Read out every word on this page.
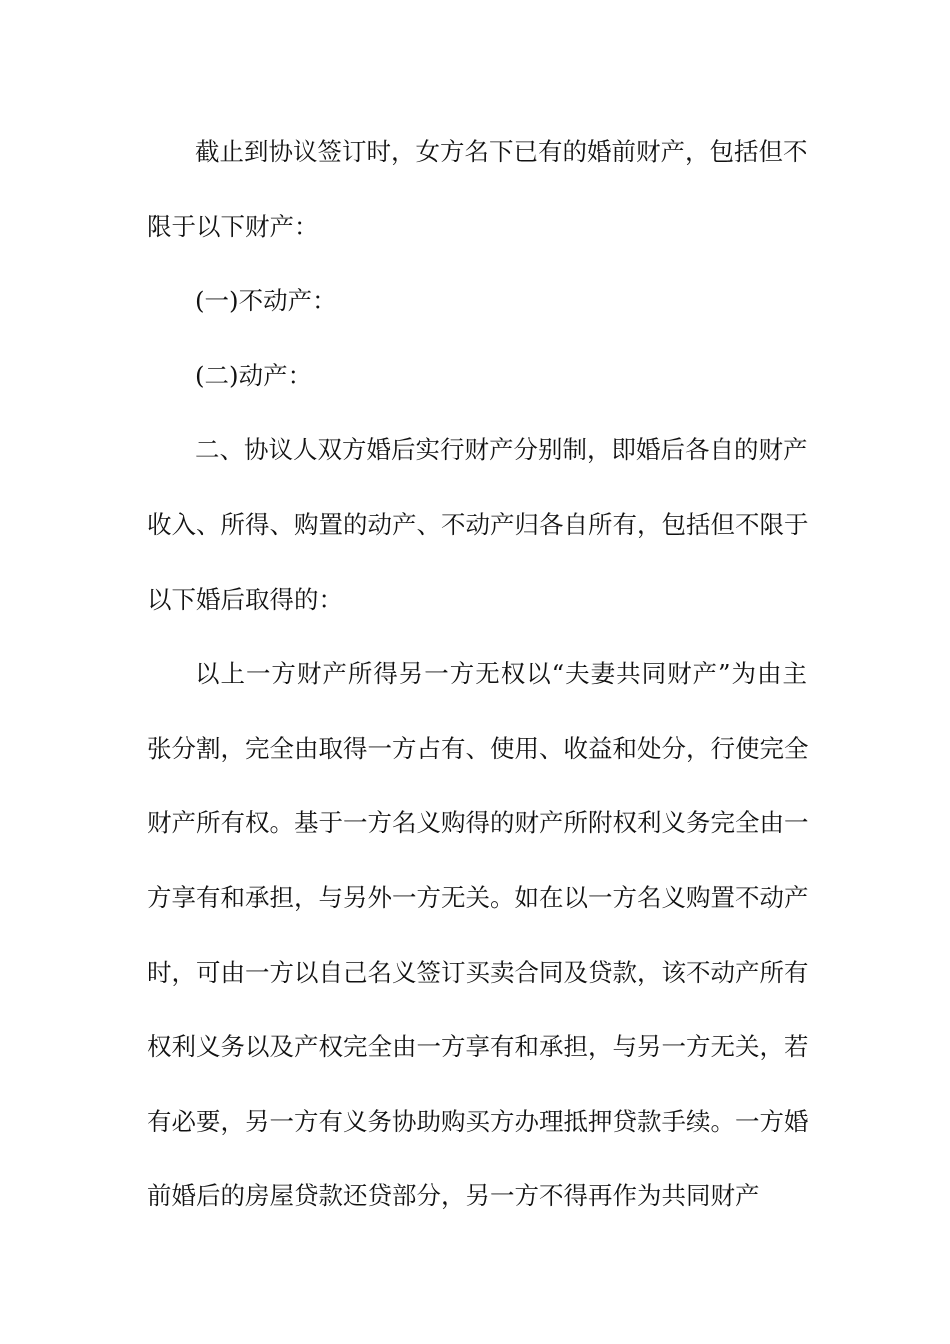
截止到协议签订时，女方名下已有的婚前财产，包括但不
限于以下财产：
(一)不动产：
(二)动产：
二、协议人双方婚后实行财产分别制，即婚后各自的财产
收入、所得、购置的动产、不动产归各自所有，包括但不限于
以下婚后取得的：
以上一方财产所得另一方无权以“夫妻共同财产”为由主
张分割，完全由取得一方占有、使用、收益和处分，行使完全
财产所有权。基于一方名义购得的财产所附权利义务完全由一
方享有和承担，与另外一方无关。如在以一方名义购置不动产
时，可由一方以自己名义签订买卖合同及贷款，该不动产所有
权利义务以及产权完全由一方享有和承担，与另一方无关，若
有必要，另一方有义务协助购买方办理抵押贷款手续。一方婚
前婚后的房屋贷款还贷部分，另一方不得再作为共同财产
